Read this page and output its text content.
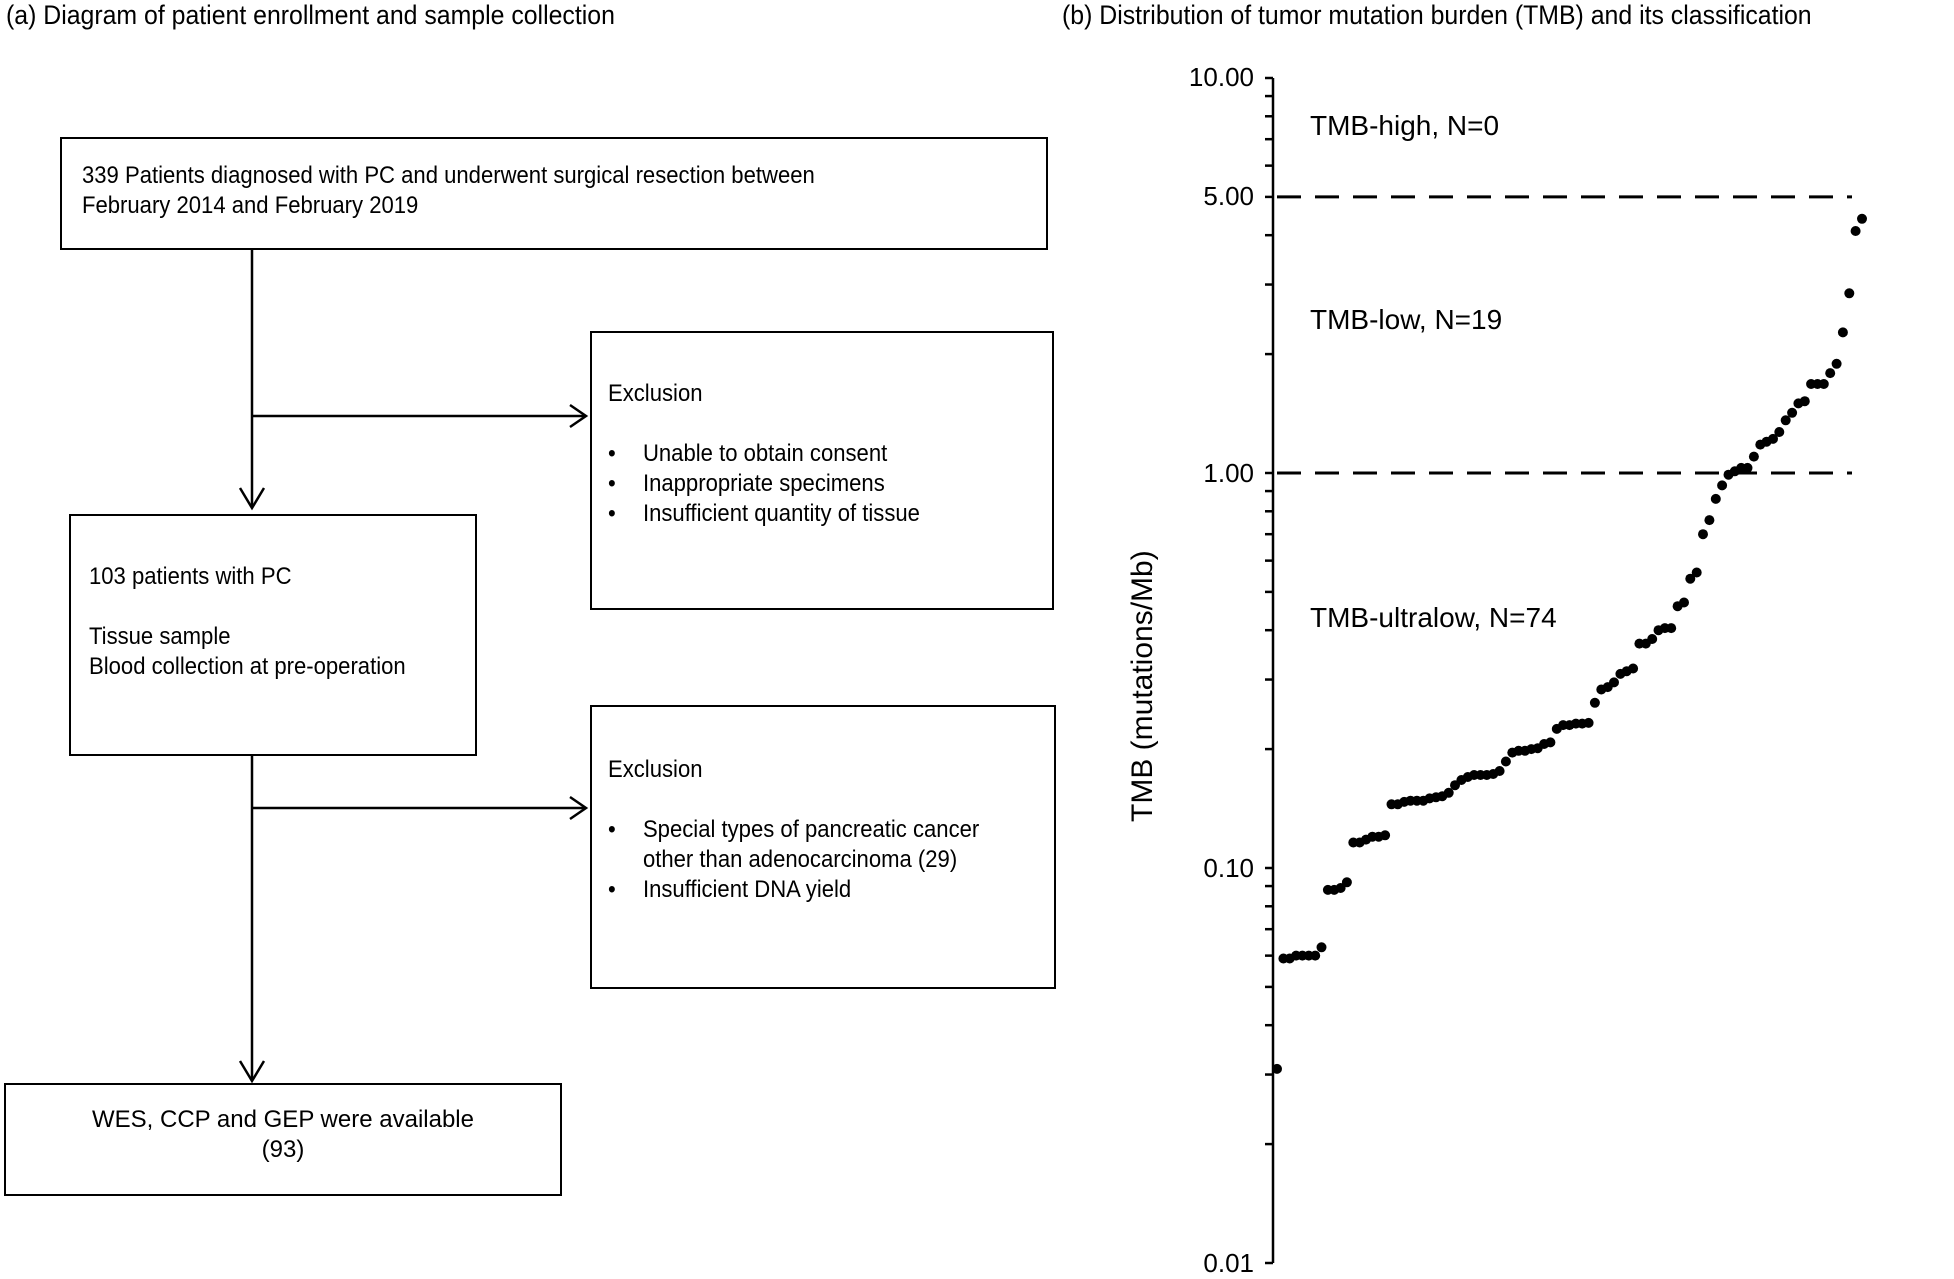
(a) Diagram of patient enrollment and sample collection	(b) Distribution of tumor mutation burden (TMB) and its classification
339 Patients diagnosed with PC and underwent surgical resection between
February 2014 and February 2019
Exclusion
• Unable to obtain consent
• Inappropriate specimens
• Insufficient quantity of tissue
103 patients with PC
Tissue sample
Blood collection at pre-operation
Exclusion
• Special types of pancreatic cancer
other than adenocarcinoma (29)
• Insufficient DNA yield
WES, CCP and GEP were available
(93)
10.00
5.00
1.00
0.10
0.01
TMB (mutations/Mb)
TMB-high, N=0
TMB-low, N=19
TMB-ultralow, N=74
